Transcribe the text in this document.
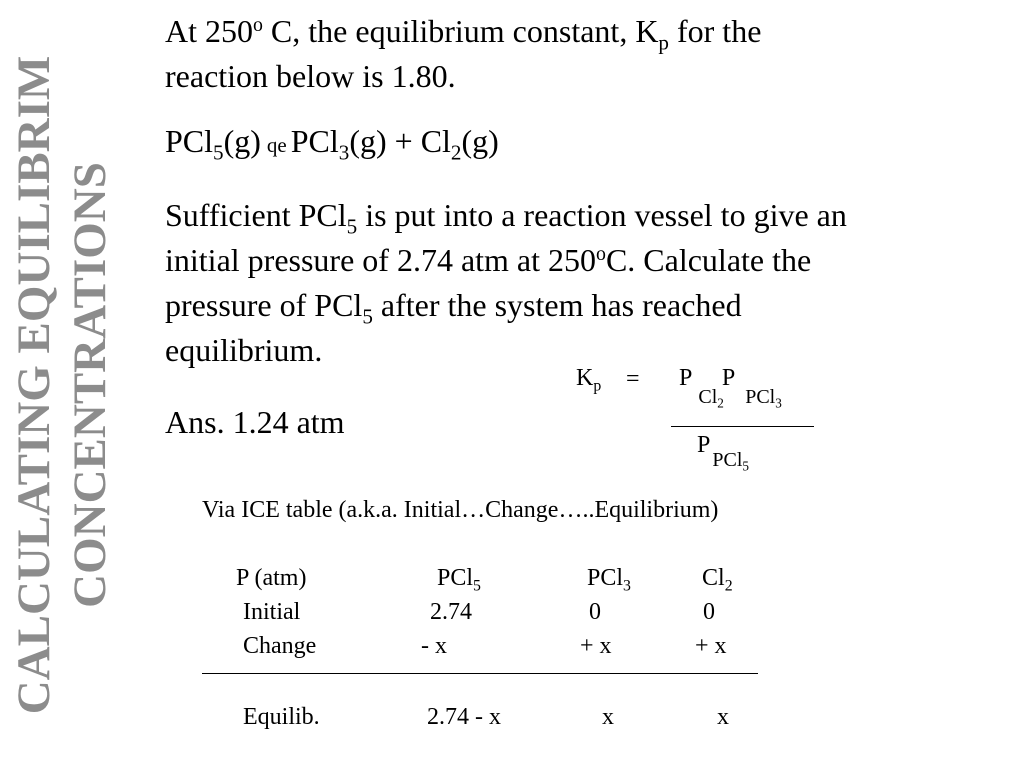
CALCULATING EQUILIBRIM CONCENTRATIONS
At 250$^o$ C, the equilibrium constant, $K_p$ for the
reaction below is 1.80.
PCl$_5$(g) qe $PCl_3(g) + Cl_2(g)$
Sufficient PCl$_5$ is put into a reaction vessel to give an
initial pressure of 2.74 atm at 250$^o$C. Calculate the
pressure of PCl$_5$ after the system has reached
equilibrium.
Ans. 1.24 atm
$K_p = P_{Cl_2}P_{PCl_3}$
$P_{PCl_5}$
Via ICE table (a.k.a. Initial…Change…..Equilibrium)
P (atm)	PCl$_5$	PCl$_3$	$Cl_2$
Initial	2.74	0	0
Change	- x	+ x	+ x
Equilib.	2.74 - x	x	x
